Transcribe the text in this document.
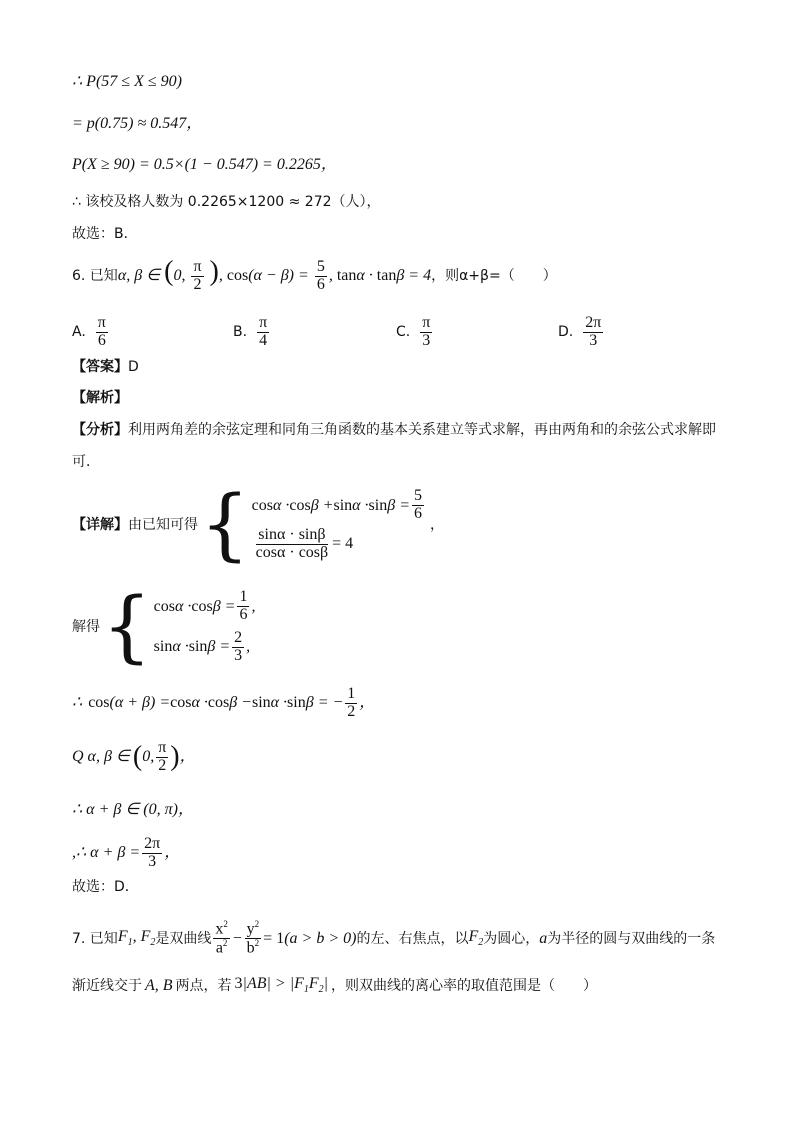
∴ P(57 ≤ X ≤ 90)
= p(0.75) ≈ 0.547，
P(X ≥ 90) = 0.5×(1 − 0.547) = 0.2265，
∴ 该校及格人数为 0.2265×1200 ≈ 272（人），
故选：B．
6. 已知 α, β ∈ (0, $\frac{\pi}{2}$ ), $\cos(\alpha - \beta) = \frac{5}{6}$ , tanα · tanβ = 4 ，则α+β=（　　）
A. $\frac{\pi}{6}$	B. $\frac{\pi}{4}$	C. $\frac{\pi}{3}$	D. $\frac{2\pi}{3}$
【答案】D
【解析】
【分析】利用两角差的余弦定理和同角三角函数的基本关系建立等式求解，再由两角和的余弦公式求解即
可．
【详解】 由已知可得 { $\cos \alpha \cdot \cos \beta + \sin \alpha \cdot \sin \beta = \frac{5}{6}$
$\frac{\sin\alpha \cdot \sin\beta}{\cos\alpha \cdot \cos\beta} = 4$
，
解得 { $\cos \alpha \cdot \cos \beta = \frac{1}{6}$ ,
$\sin \alpha \cdot \sin \beta = \frac{2}{3}$ ,
∴ cos (α + β) = cos α · cos β − sin α · sin β = − $\frac{1}{2}$ ，
Q α, β ∈ ( 0, $\frac{\pi}{2}$ ) ，
∴ α + β ∈ (0, π)，
,∴ $\alpha + \beta = \frac{2\pi}{3}$ ，
故选：D．
7. 已知 $F_1$, $F_2$ 是双曲线 $\frac{x^2}{a^2} - \frac{y^2}{b^2} = 1$ (a > b > 0) 的左、右焦点，以 $F_2$ 为圆心， a 为半径的圆与双曲线的一条
渐近线交于 A, B 两点，若 $3|AB| > |F_1F_2|$ ，则双曲线的离心率的取值范围是（　　）
